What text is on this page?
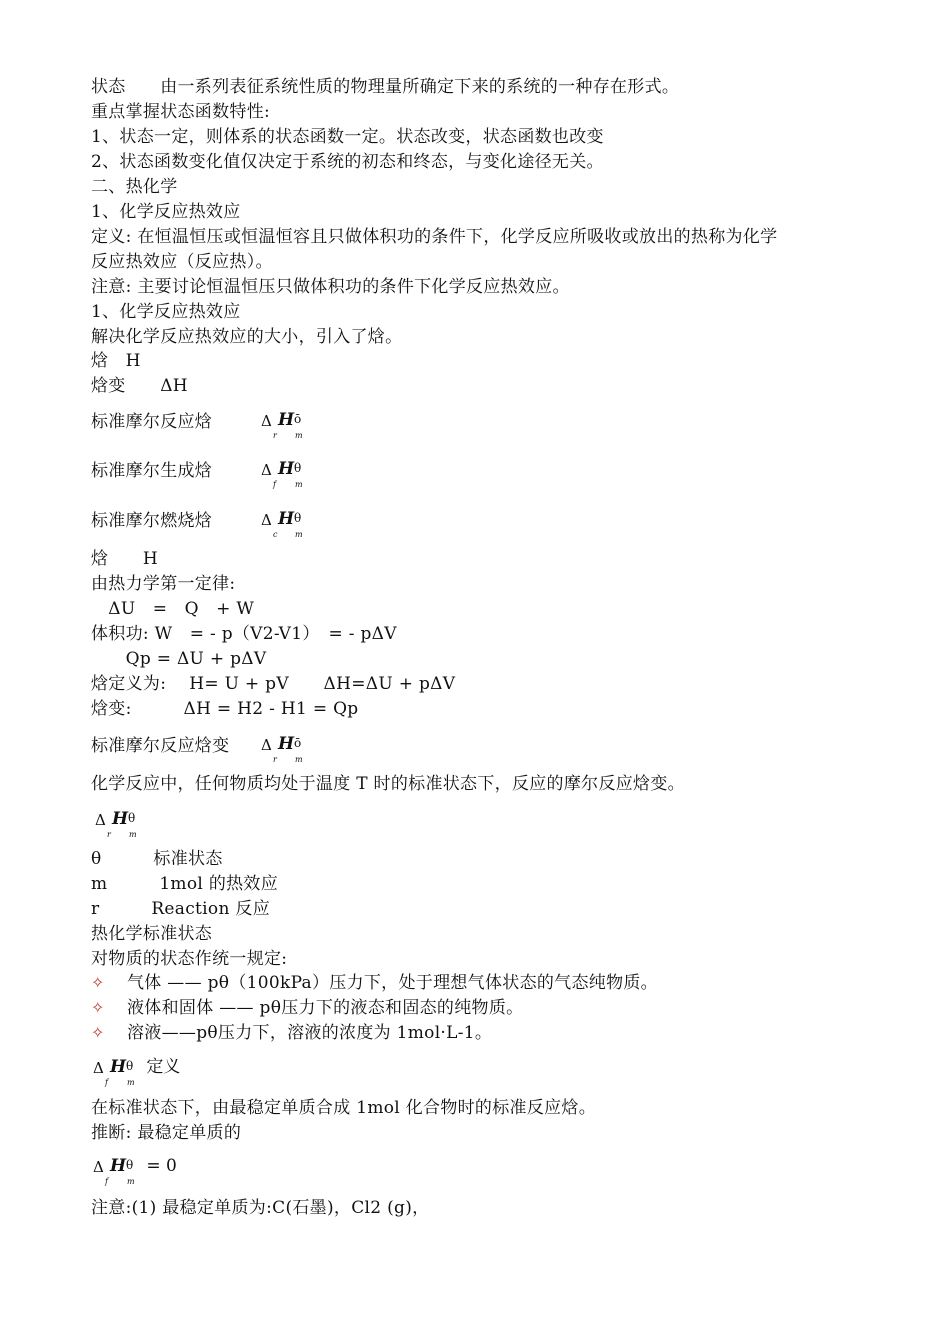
状态　　由一系列表征系统性质的物理量所确定下来的系统的一种存在形式。
重点掌握状态函数特性:
1、状态一定，则体系的状态函数一定。状态改变，状态函数也改变
2、状态函数变化值仅决定于系统的初态和终态，与变化途径无关。
二、热化学
1、化学反应热效应
定义: 在恒温恒压或恒温恒容且只做体积功的条件下，化学反应所吸收或放出的热称为化学
反应热效应（反应热）。
注意: 主要讨论恒温恒压只做体积功的条件下化学反应热效应。
1、化学反应热效应
解决化学反应热效应的大小，引入了焓。
焓　H
焓变　　ΔH
标准摩尔反应焓	Δ H ō
r m
标准摩尔生成焓	Δ H θ
f m
标准摩尔燃烧焓	Δ H θ
c m
焓　　H
由热力学第一定律:
　ΔU　=　Q　+ W
体积功: W　= - p（V2-V1）　= - pΔV
　　Qp = ΔU + pΔV
焓定义为:　 H= U + pV　　ΔH=ΔU + pΔV
焓变:　　　ΔH = H2 - H1 = Qp
标准摩尔反应焓变 Δ H ō
r m
化学反应中，任何物质均处于温度 T 时的标准状态下，反应的摩尔反应焓变。
Δ H θ
r m
θ　　　标准状态
m　　　1mol 的热效应
r　　　Reaction 反应
热化学标准状态
对物质的状态作统一规定:
✧ 气体 —— pθ（100kPa）压力下，处于理想气体状态的气态纯物质。
✧ 液体和固体 —— pθ压力下的液态和固态的纯物质。
✧ 溶液——pθ压力下，溶液的浓度为 1mol·L-1。
Δ H θ
f m
定义
在标准状态下，由最稳定单质合成 1mol 化合物时的标准反应焓。
推断: 最稳定单质的
Δ H θ
f m
= 0
注意:(1) 最稳定单质为:C(石墨)，Cl2 (g)，
